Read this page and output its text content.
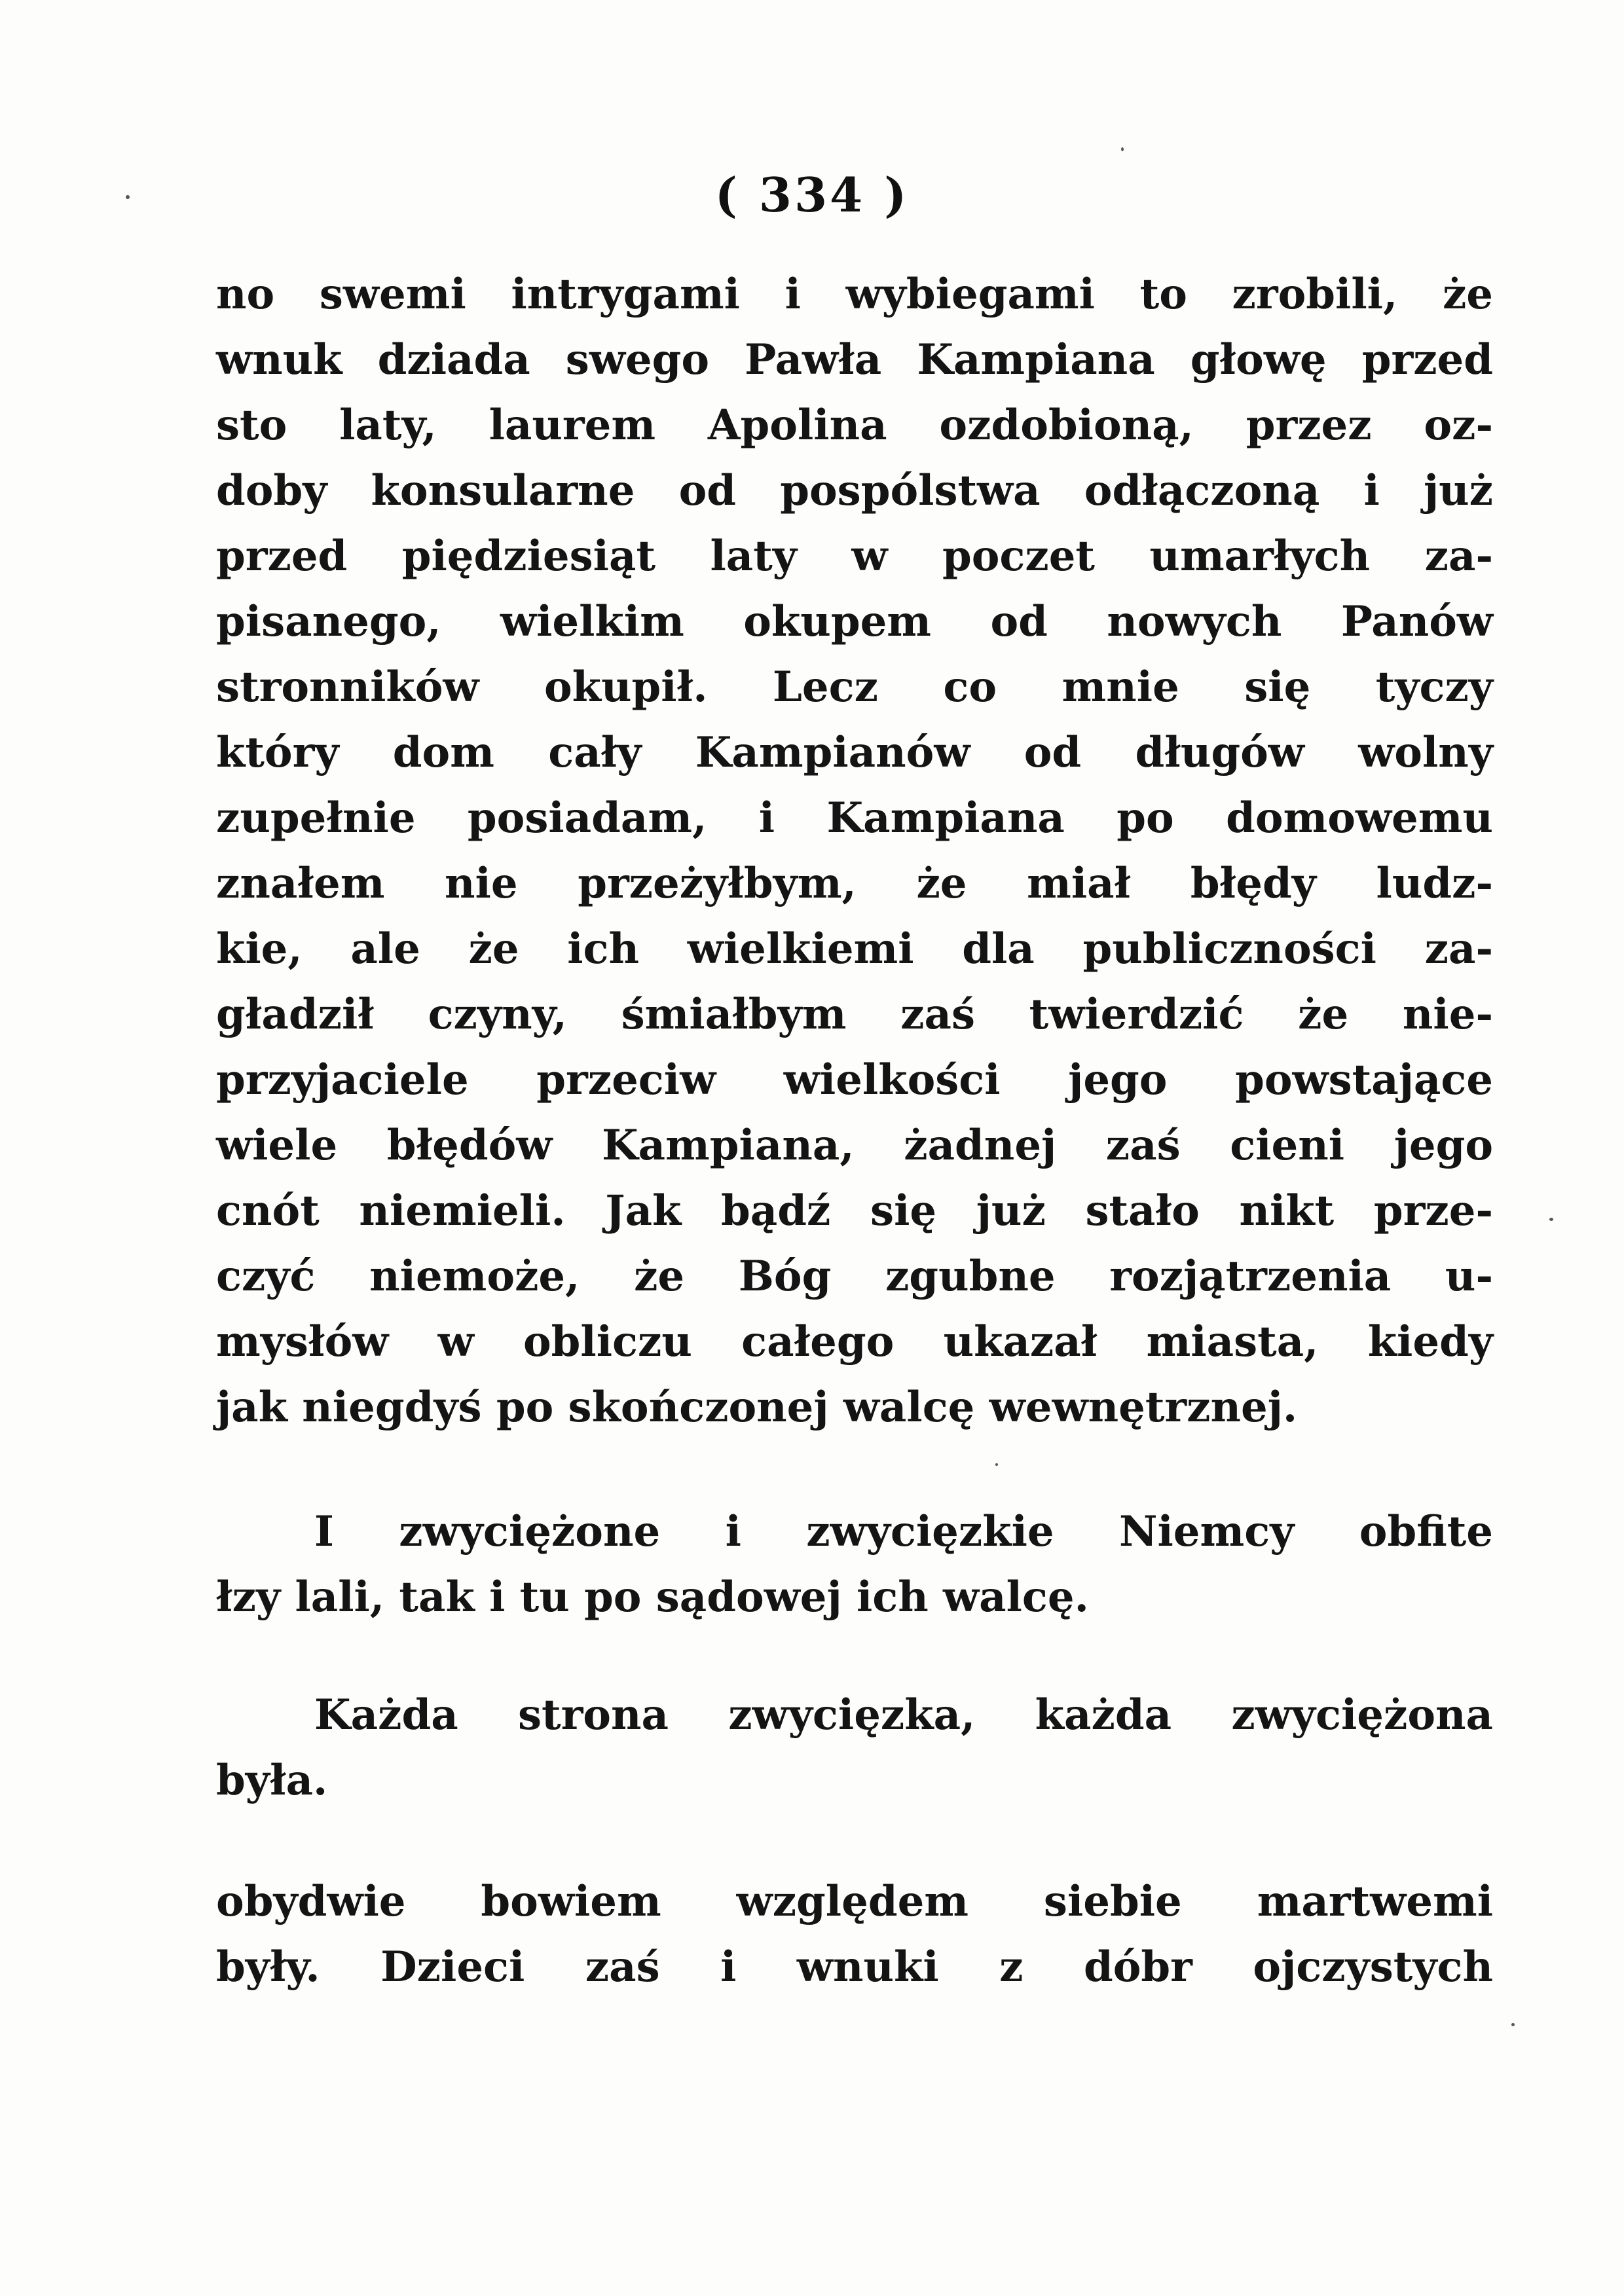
( 334 )
no swemi intrygami i wybiegami to zrobili, że
wnuk dziada swego Pawła Kampiana głowę przed
sto laty, laurem Apolina ozdobioną, przez oz-
doby konsularne od pospólstwa odłączoną i już
przed piędziesiąt laty w poczet umarłych za-
pisanego, wielkim okupem od nowych Panów
stronników okupił. Lecz co mnie się tyczy
który dom cały Kampianów od długów wolny
zupełnie posiadam, i Kampiana po domowemu
znałem nie przeżyłbym, że miał błędy ludz-
kie, ale że ich wielkiemi dla publiczności za-
gładził czyny, śmiałbym zaś twierdzić że nie-
przyjaciele przeciw wielkości jego powstające
wiele błędów Kampiana, żadnej zaś cieni jego
cnót niemieli. Jak bądź się już stało nikt prze-
czyć niemoże, że Bóg zgubne rozjątrzenia u-
mysłów w obliczu całego ukazał miasta, kiedy
jak niegdyś po skończonej walcę wewnętrznej.
I zwyciężone i zwycięzkie Niemcy obfite
łzy lali, tak i tu po sądowej ich walcę.
Każda strona zwycięzka, każda zwyciężona
była.
obydwie bowiem względem siebie martwemi
były. Dzieci zaś i wnuki z dóbr ojczystych
